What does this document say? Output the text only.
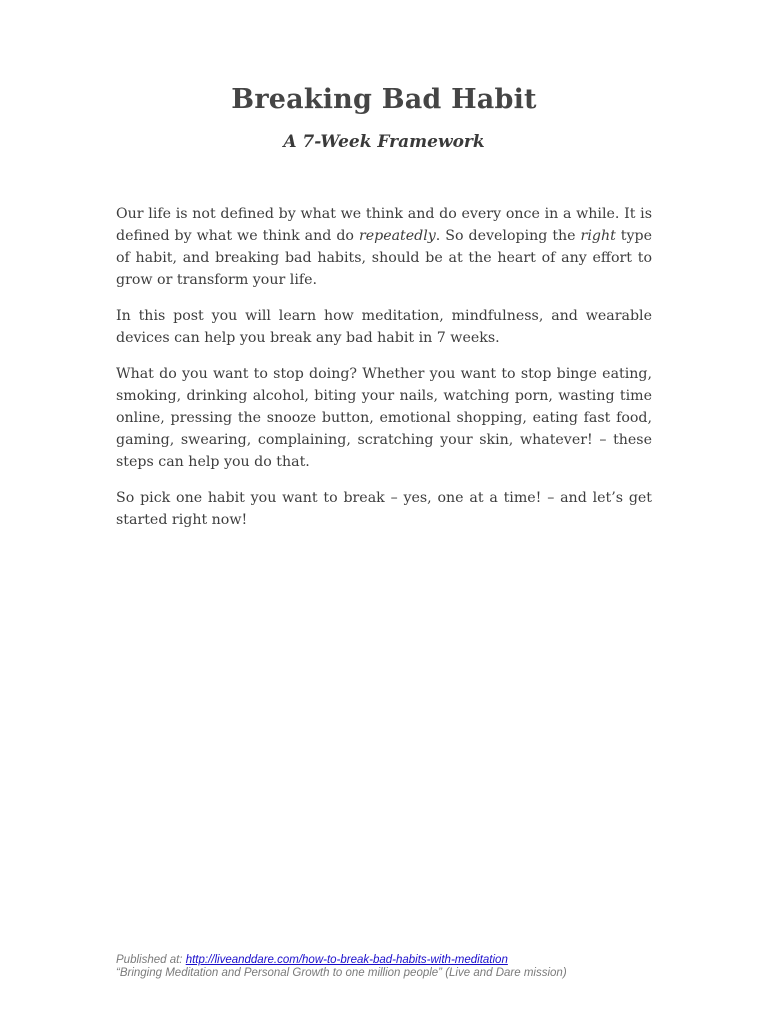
Breaking Bad Habit
A 7-Week Framework

Our life is not defined by what we think and do every once in a while. It is defined by what we think and do repeatedly. So developing the right type of habit, and breaking bad habits, should be at the heart of any effort to grow or transform your life.

In this post you will learn how meditation, mindfulness, and wearable devices can help you break any bad habit in 7 weeks.

What do you want to stop doing? Whether you want to stop binge eating, smoking, drinking alcohol, biting your nails, watching porn, wasting time online, pressing the snooze button, emotional shopping, eating fast food, gaming, swearing, complaining, scratching your skin, whatever! – these steps can help you do that.

So pick one habit you want to break – yes, one at a time! – and let’s get started right now!

Published at: http://liveanddare.com/how-to-break-bad-habits-with-meditation
“Bringing Meditation and Personal Growth to one million people” (Live and Dare mission)
